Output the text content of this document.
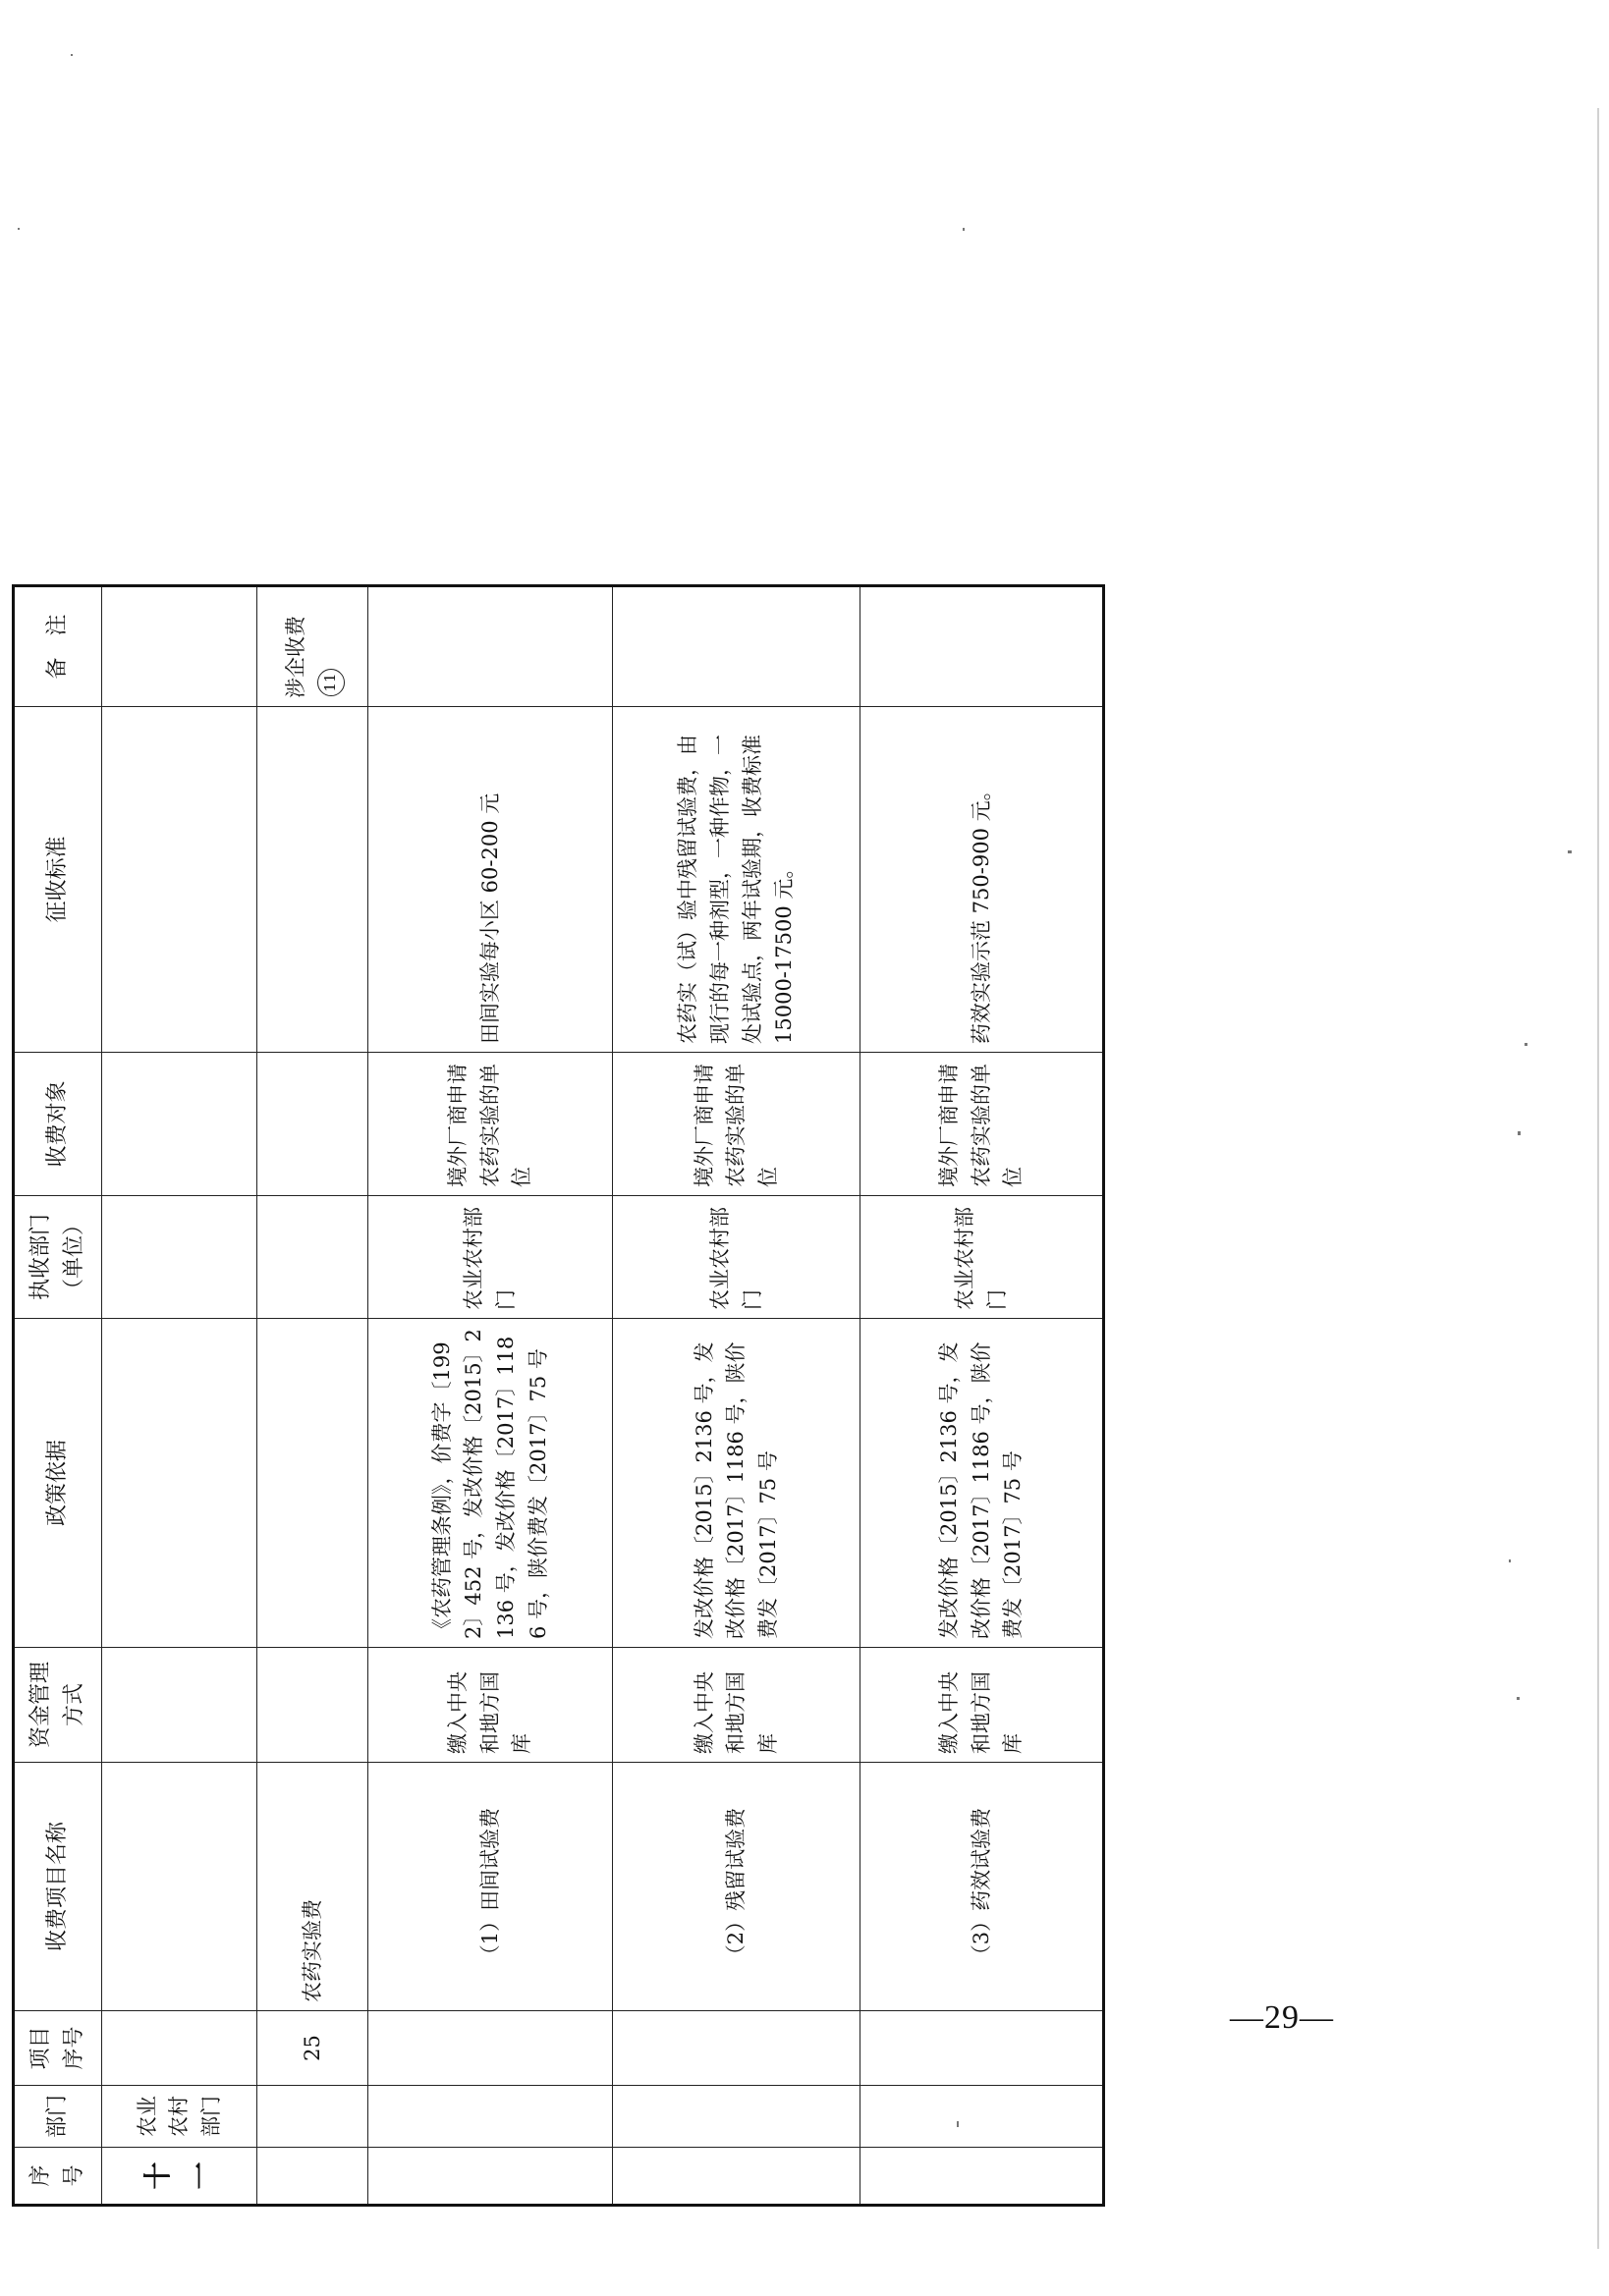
序号	部门	项目序号	收费项目名称	资金管理方式	政策依据	执收部门（单位）	收费对象	征收标准	备　注
十一	农业农村部门								
		25	农药实验费						涉企收费 11
			（1）田间试验费	缴入中央和地方国库	《农药管理条例》，价费字〔1992〕452 号，发改价格〔2015〕2136 号，发改价格〔2017〕1186 号，陕价费发〔2017〕75 号	农业农村部门	境外厂商申请农药实验的单位	田间实验每小区 60-200 元	
			（2）残留试验费	缴入中央和地方国库	发改价格〔2015〕2136 号，发改价格〔2017〕1186 号，陕价费发〔2017〕75 号	农业农村部门	境外厂商申请农药实验的单位	农药实（试）验中残留试验费，由现行的每一种剂型，一种作物，一处试验点，两年试验期，收费标准 15000-17500 元。	
			（3）药效试验费	缴入中央和地方国库	发改价格〔2015〕2136 号，发改价格〔2017〕1186 号，陕价费发〔2017〕75 号	农业农村部门	境外厂商申请农药实验的单位	药效实验示范 750-900 元。	
—29—
